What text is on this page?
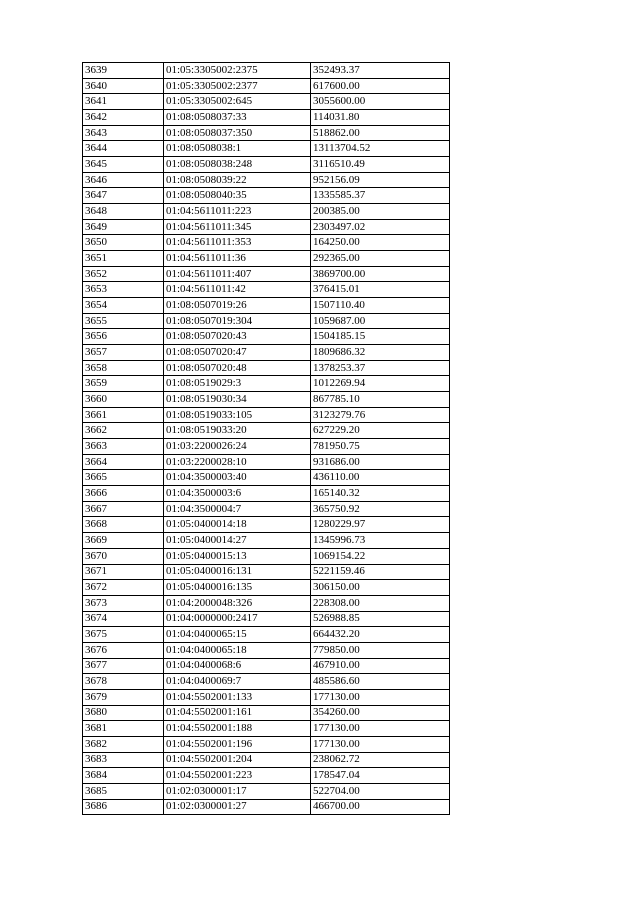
3639	01:05:3305002:2375	352493.37
3640	01:05:3305002:2377	617600.00
3641	01:05:3305002:645	3055600.00
3642	01:08:0508037:33	114031.80
3643	01:08:0508037:350	518862.00
3644	01:08:0508038:1	13113704.52
3645	01:08:0508038:248	3116510.49
3646	01:08:0508039:22	952156.09
3647	01:08:0508040:35	1335585.37
3648	01:04:5611011:223	200385.00
3649	01:04:5611011:345	2303497.02
3650	01:04:5611011:353	164250.00
3651	01:04:5611011:36	292365.00
3652	01:04:5611011:407	3869700.00
3653	01:04:5611011:42	376415.01
3654	01:08:0507019:26	1507110.40
3655	01:08:0507019:304	1059687.00
3656	01:08:0507020:43	1504185.15
3657	01:08:0507020:47	1809686.32
3658	01:08:0507020:48	1378253.37
3659	01:08:0519029:3	1012269.94
3660	01:08:0519030:34	867785.10
3661	01:08:0519033:105	3123279.76
3662	01:08:0519033:20	627229.20
3663	01:03:2200026:24	781950.75
3664	01:03:2200028:10	931686.00
3665	01:04:3500003:40	436110.00
3666	01:04:3500003:6	165140.32
3667	01:04:3500004:7	365750.92
3668	01:05:0400014:18	1280229.97
3669	01:05:0400014:27	1345996.73
3670	01:05:0400015:13	1069154.22
3671	01:05:0400016:131	5221159.46
3672	01:05:0400016:135	306150.00
3673	01:04:2000048:326	228308.00
3674	01:04:0000000:2417	526988.85
3675	01:04:0400065:15	664432.20
3676	01:04:0400065:18	779850.00
3677	01:04:0400068:6	467910.00
3678	01:04:0400069:7	485586.60
3679	01:04:5502001:133	177130.00
3680	01:04:5502001:161	354260.00
3681	01:04:5502001:188	177130.00
3682	01:04:5502001:196	177130.00
3683	01:04:5502001:204	238062.72
3684	01:04:5502001:223	178547.04
3685	01:02:0300001:17	522704.00
3686	01:02:0300001:27	466700.00
